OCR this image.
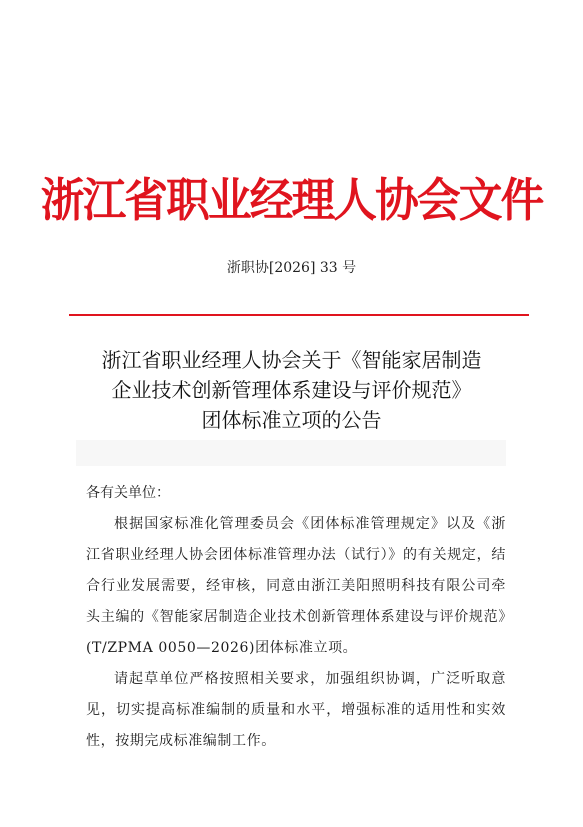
浙江省职业经理人协会文件
浙职协[2026] 33 号
浙江省职业经理人协会关于《智能家居制造
企业技术创新管理体系建设与评价规范》
团体标准立项的公告

各有关单位：

根据国家标准化管理委员会《团体标准管理规定》以及《浙江省职业经理人协会团体标准管理办法（试行）》的有关规定，结合行业发展需要，经审核，同意由浙江美阳照明科技有限公司牵头主编的《智能家居制造企业技术创新管理体系建设与评价规范》(T/ZPMA 0050—2026)团体标准立项。

请起草单位严格按照相关要求，加强组织协调，广泛听取意见，切实提高标准编制的质量和水平，增强标准的适用性和实效性，按期完成标准编制工作。
